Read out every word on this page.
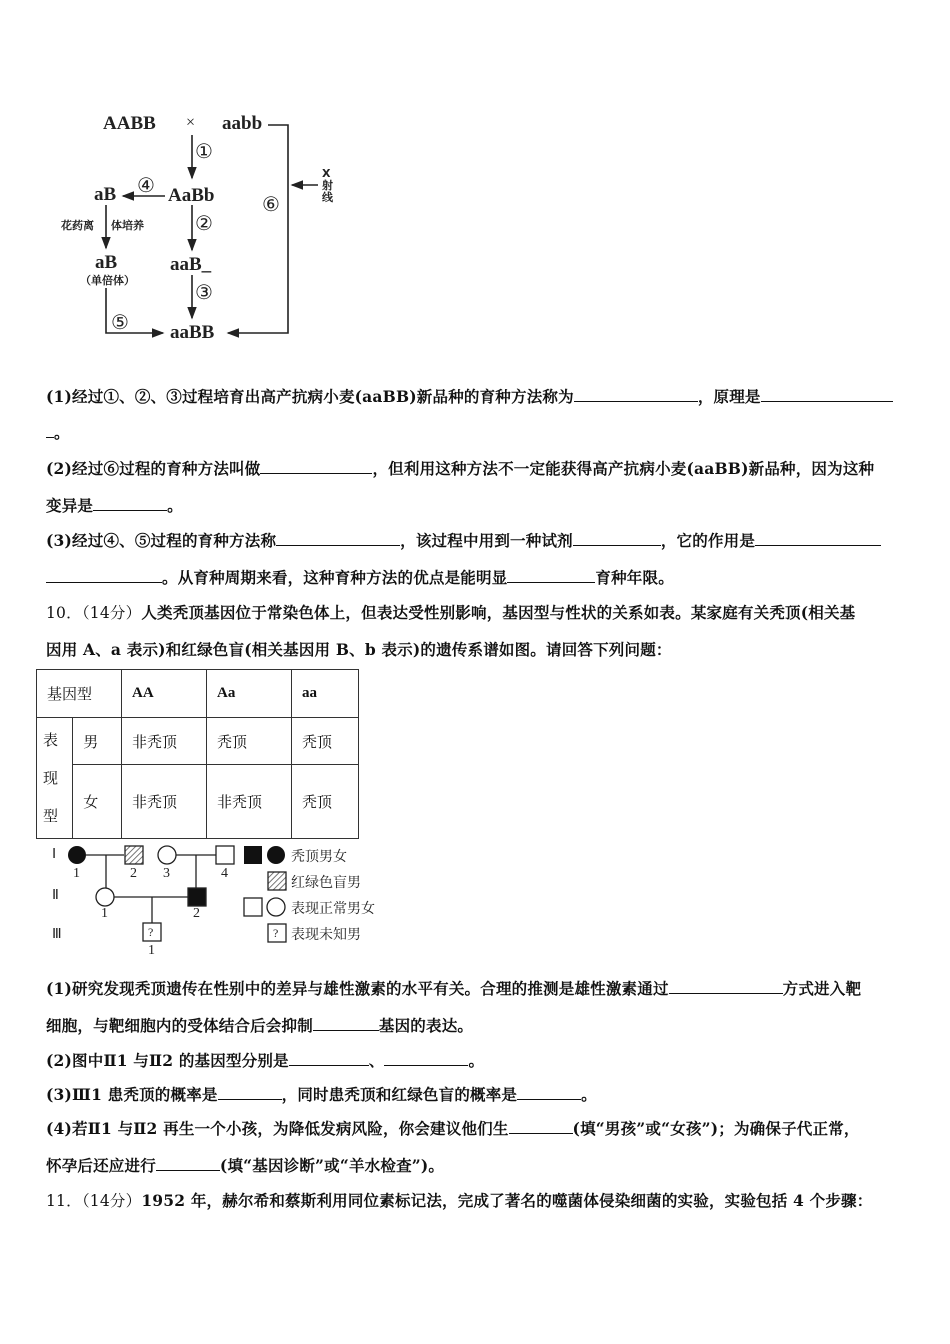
AABB × aabb
①
AaBb
aB ④
花药离 体培养	②
aB
（单倍体）
aaB_
③
⑤ aaBB
⑥
X
射
线
(1)经过①、②、③过程培育出高产抗病小麦(aaBB)新品种的育种方法称为	，原理是
。
(2)经过⑥过程的育种方法叫做	，但利用这种方法不一定能获得高产抗病小麦(aaBB)新品种，因为这种
变异是	。
(3)经过④、⑤过程的育种方法称	，该过程中用到一种试剂	，它的作用是
。从育种周期来看，这种育种方法的优点是能明显	育种年限。
10．（14分）人类秃顶基因位于常染色体上，但表达受性别影响，基因型与性状的关系如表。某家庭有关秃顶(相关基
因用 A、a 表示)和红绿色盲(相关基因用 B、b 表示)的遗传系谱如图。请回答下列问题：
基因型		AA	Aa	aa
表
现
型	男	非秃顶	秃顶	秃顶
	女	非秃顶	非秃顶	秃顶
Ⅰ
Ⅱ
Ⅲ
1	2 3	4
1	2
1
?	?
秃顶男女
红绿色盲男
表现正常男女
表现未知男
(1)研究发现秃顶遗传在性别中的差异与雄性激素的水平有关。合理的推测是雄性激素通过	方式进入靶
细胞，与靶细胞内的受体结合后会抑制	基因的表达。
(2)图中Ⅱ1 与Ⅱ2 的基因型分别是	、	。
(3)Ⅲ1 患秃顶的概率是	，同时患秃顶和红绿色盲的概率是	。
(4)若Ⅱ1 与Ⅱ2 再生一个小孩，为降低发病风险，你会建议他们生	(填“男孩”或“女孩”)；为确保子代正常，
怀孕后还应进行	(填“基因诊断”或“羊水检查”)。
11．（14分）1952 年，赫尔希和蔡斯利用同位素标记法，完成了著名的噬菌体侵染细菌的实验，实验包括 4 个步骤：
